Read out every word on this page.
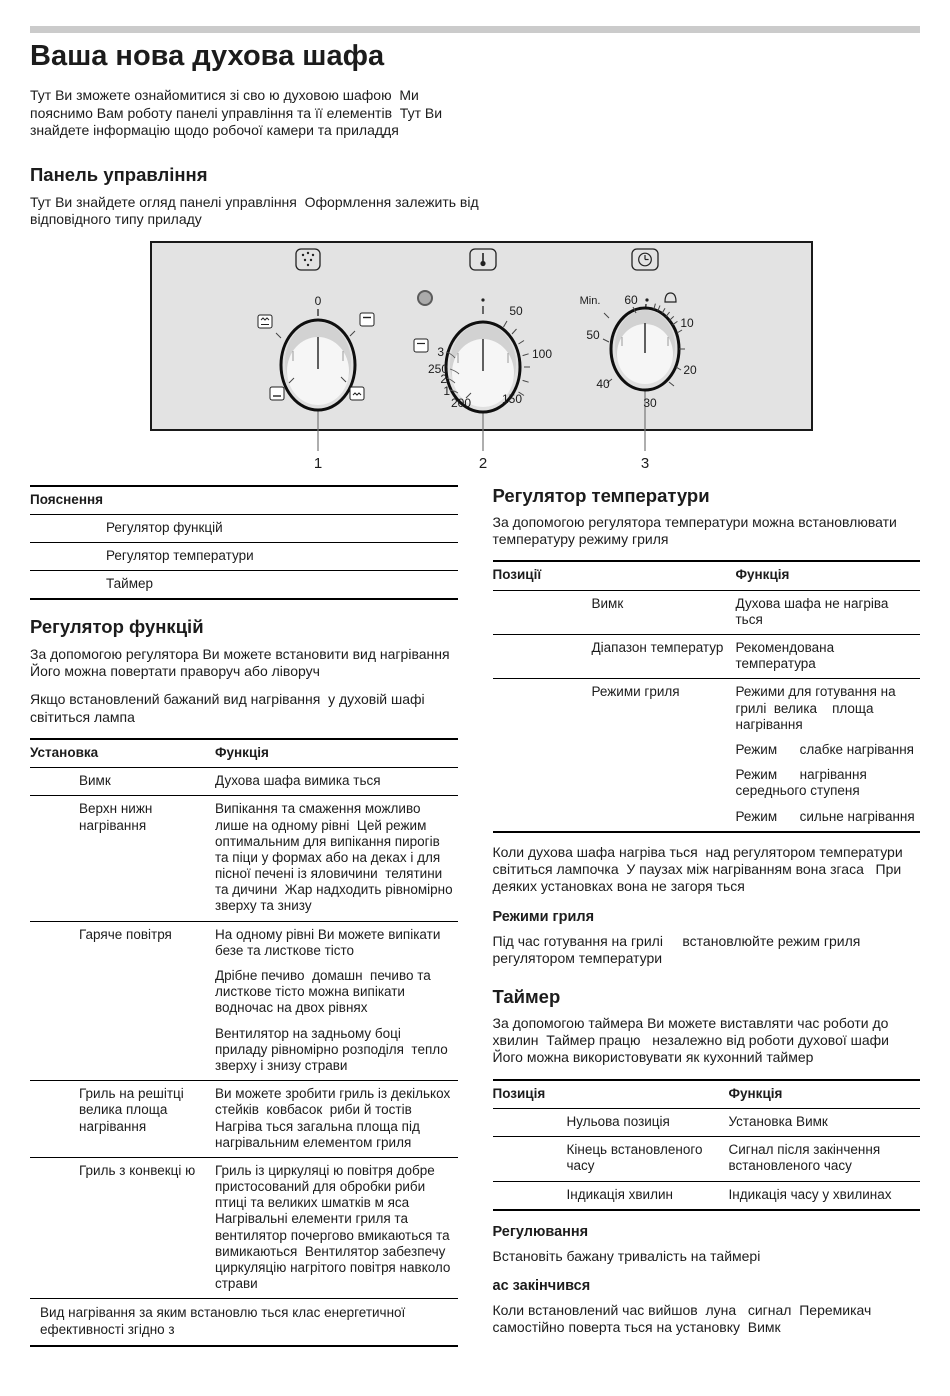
Ваша нова духова шафа

Тут Ви зможете ознайомитися зі сво ю духовою шафою  Ми пояснимо Вам роботу панелі управління та її елементів  Тут Ви знайдете інформацію щодо робочої камери та приладдя

Панель управління

Тут Ви знайдете огляд панелі управління  Оформлення залежить від відповідного типу приладу

0
1
50
100
150
200
250
3
2
1
2
Min. 60
10
20
30
40
50
3
Пояснення	
	Регулятор функцій
	Регулятор температури
	Таймер
Регулятор функцій

За допомогою регулятора Ви можете встановити вид нагрівання  Його можна повертати праворуч або ліворуч

Якщо встановлений бажаний вид нагрівання  у духовій шафі світиться лампа

Установка		Функція
	Вимк	Духова шафа вимика ться

	Верхн нижн нагрівання	Випікання та смаження можливо лише на одному рівні  Цей режим оптимальним для випікання пирогів та піци у формах або на деках і для пісної печені із яловичини  телятини та дичини  Жар надходить рівномірно зверху та знизу

	Гаряче повітря	На одному рівні Ви можете випікати безе та листкове тісто

Дрібне печиво  домашн  печиво та листкове тісто можна випікати водночас на двох рівнях

Вентилятор на задньому боці приладу рівномірно розподіля  тепло зверху і знизу страви

	Гриль на решітці велика площа нагрівання	Ви можете зробити гриль із декількох стейків  ковбасок  риби й тостів  Нагріва ться загальна площа під нагрівальним елементом гриля

	Гриль з конвекці ю	Гриль із циркуляці ю повітря добре пристосований для обробки риби  птиці та великих шматків м яса  Нагрівальні елементи гриля та вентилятор почергово вмикаються та вимикаються  Вентилятор забезпечу  циркуляцію нагрітого повітря навколо страви

Вид нагрівання за яким встановлю ться клас енергетичної ефективності згідно з		
Регулятор температури

За допомогою регулятора температури можна встановлювати температуру режиму гриля

Позиції		Функція
	Вимк	Духова шафа не нагріва ться

	Діапазон температур	Рекомендована температура

	Режими гриля	Режими для готування на грилі  велика    площа нагрівання

Режим      слабке нагрівання

Режим      нагрівання середнього ступеня

Режим      сильне нагрівання

Коли духова шафа нагріва ться  над регулятором температури світиться лампочка  У паузах між нагріванням вона згаса   При деяких установках вона не загоря ться

Режими гриля

Під час готування на грилі     встановлюйте режим гриля регулятором температури

Таймер

За допомогою таймера Ви можете виставляти час роботи до    хвилин  Таймер працю   незалежно від роботи духової шафи Його можна використовувати як кухонний таймер

Позиція		Функція
	Нульова позиція	Установка Вимк
	Кінець встановленого часу	Сигнал після закінчення встановленого часу
	Індикація хвилин	Індикація часу у хвилинах
Регулювання

Встановіть бажану тривалість на таймері

ас закінчився

Коли встановлений час вийшов  луна   сигнал  Перемикач самостійно поверта ться на установку  Вимк
